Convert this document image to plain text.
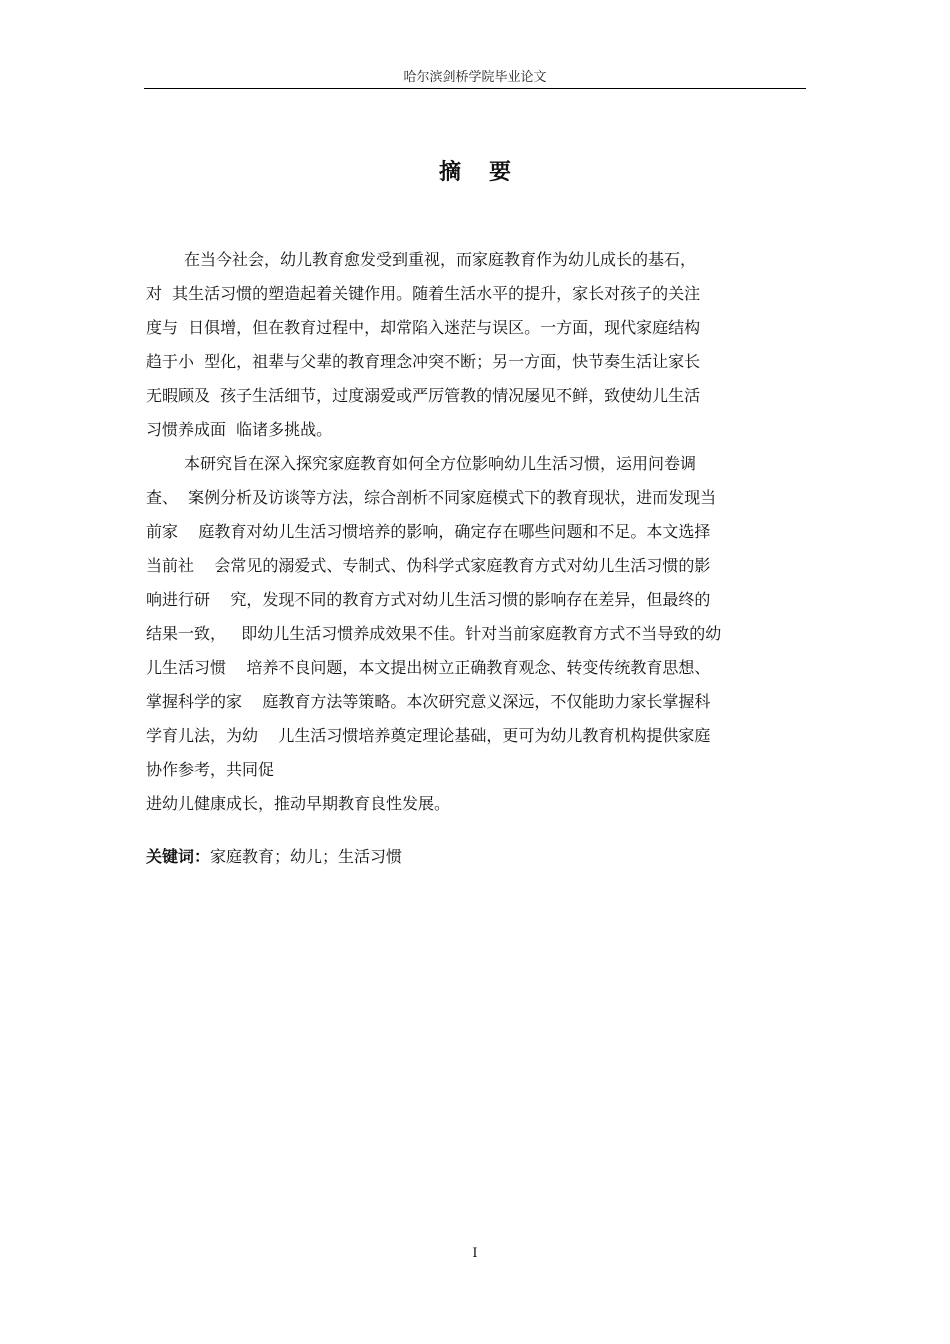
哈尔滨剑桥学院毕业论文
摘要
在当今社会，幼儿教育愈发受到重视，而家庭教育作为幼儿成长的基石，
对  其生活习惯的塑造起着关键作用。随着生活水平的提升，家长对孩子的关注
度与  日俱增，但在教育过程中，却常陷入迷茫与误区。一方面，现代家庭结构
趋于小  型化，祖辈与父辈的教育理念冲突不断；另一方面，快节奏生活让家长
无暇顾及  孩子生活细节，过度溺爱或严厉管教的情况屡见不鲜，致使幼儿生活
习惯养成面  临诸多挑战。
本研究旨在深入探究家庭教育如何全方位影响幼儿生活习惯，运用问卷调
查、  案例分析及访谈等方法，综合剖析不同家庭模式下的教育现状，进而发现当
前家    庭教育对幼儿生活习惯培养的影响，确定存在哪些问题和不足。本文选择
当前社    会常见的溺爱式、专制式、伪科学式家庭教育方式对幼儿生活习惯的影
响进行研    究，发现不同的教育方式对幼儿生活习惯的影响存在差异，但最终的
结果一致，   即幼儿生活习惯养成效果不佳。针对当前家庭教育方式不当导致的幼
儿生活习惯    培养不良问题，本文提出树立正确教育观念、转变传统教育思想、
掌握科学的家    庭教育方法等策略。本次研究意义深远，不仅能助力家长掌握科
学育儿法，为幼    儿生活习惯培养奠定理论基础，更可为幼儿教育机构提供家庭
协作参考，共同促
进幼儿健康成长，推动早期教育良性发展。
关键词：家庭教育；幼儿；生活习惯
I
